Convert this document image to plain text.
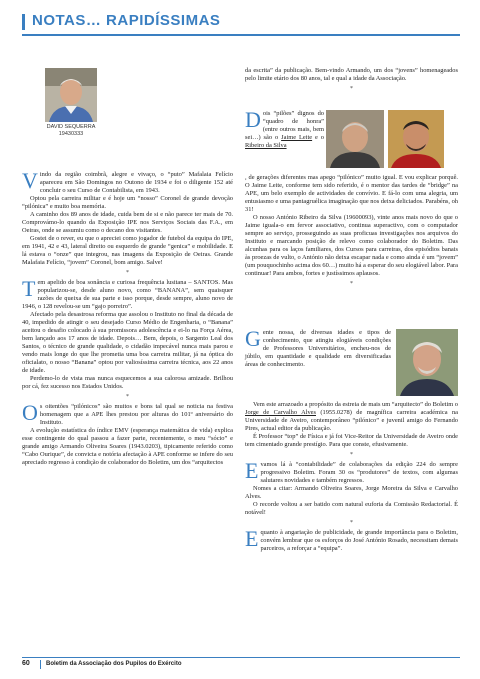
NOTAS… RAPIDÍSSIMAS
DAVID SEQUERRA
19430333

Vindo da região coimbrã, alegre e vivaço, o “puto” Mafalaia Felício apareceu em São Domingos no Outono de 1934 e foi o diligente 152 até concluir o seu Curso de Contabilista, em 1943.

Optou pela carreira militar e é hoje um “nosso” Coronel de grande devoção “pilónica” e muito boa memória.

A caminho dos 89 anos de idade, cuida bem de si e não parece ter mais de 70. Comprovámo-lo quando da Exposição IPE nos Serviços Sociais das F.A., em Oeiras, onde se assumiu como o decano dos visitantes.

Gostei de o rever, eu que o apreciei como jogador de futebol da equipa do IPE, em 1941, 42 e 43, lateral direito ou esquerdo de grande “genica” e mobilidade. E lá estava o “onze” que integrou, nas imagens da Exposição de Oeiras. Grande Malafaia Felício, “jovem” Coronel, bom amigo. Salve!

*

Tem apelido de boa sonância e curiosa frequência lusitana – SANTOS. Mas popularizou-se, desde aluno novo, como “BANANA”, sem quaisquer razões de queixa de sua parte e isso porque, desde sempre, aluno novo de 1946, o 128 revelou-se um “gajo porreiro”.

Afectado pela desastrosa reforma que assolou o Instituto no final da década de 40, impedido de atingir o seu desejado Curso Médio de Engenharia, o “Banana” aceitou o desafio colocado à sua promissora adolescência e ei-lo na Força Aérea, bem lançado aos 17 anos de idade. Depois… Bem, depois, o Sargento Leal dos Santos, o técnico de grande qualidade, o cidadão impecável nunca mais parou e vendo mais longe do que lhe prometia uma boa carreira militar, já na óptica do oficialato, o nosso “Banana” optou por valiosíssima carreira técnica, aos 22 anos de idade.

Perdemo-lo de vista mas nunca esquecemos a sua calorosa amizade. Brilhou por cá, fez sucesso nos Estados Unidos.

*

Os oitentões “pilónicos” são muitos e bons tal qual se noticia na festiva homenagem que a APE lhes prestou por alturas do 101º aniversário do Instituto.

A evolução estatística do índice EMV (esperança matemática de vida) explica esse contingente do qual passou a fazer parte, recentemente, o meu “sócio” e grande amigo Armando Oliveira Soares (1943.0203), tipicamente referido como “Cabo Ourique”, de convicta e notória afectação à APE conforme se infere do seu apreciado regresso à condição de colaborador do Boletim, um dos “arquitectos

da escrita” da publicação. Bem-vindo Armando, um dos “jovens” homenageados pelo limite etário dos 80 anos, tal e qual a idade da Associação.

*

Dois “pilões” dignos do “quadro de honra” (entre outros mais, bem sei…) são o Jaime Leite e o Ribeiro da Silva

, de gerações diferentes mas apego “pilónico” muito igual. E vou explicar porquê. O Jaime Leite, conforme tem sido referido, é o mentor das tardes de “bridge” na APE, um belo exemplo de actividades de convívio. E fá-lo com uma alegria, um entusiasmo e uma pantagruélica imaginação que nos deixa deliciados. Parabéns, oh 31!

O nosso António Ribeiro da Silva (19600093), vinte anos mais novo do que o Jaime iguala-o em fervor associativo, continua superactivo, com o computador sempre ao serviço, prosseguindo as suas proficuas investigações nos arquivos do Instituto e marcando posição de relevo como colaborador do Boletim. Das alcunhas para os laços familiares, dos Cursos para carreiras, dos episódios banais às proezas de vulto, o António não deixa escapar nada e como ainda é um “jovem” (um pouquochinho acima dos 60…) muito há a esperar do seu elogiável labor. Para continuar! Para ambos, fortes e justíssimos aplausos.

*

Gente nossa, de diversas idades e tipos de conhecimento, que atingiu elogiáveis condições de Professores Universitários, encheu-nos de júbilo, em quantidade e qualidade em diversificadas áreas de conhecimento.

Vem este arrazoado a propósito da estreia de mais um “arquitecto” do Boletim o Jorge de Carvalho Alves (1955.0278) de magnífica carreira académica na Universidade de Aveiro, contemporâneo “pilónico” e juvenil amigo do Fernando Pires, actual editor da publicação.

É Professor “top” de Física e já foi Vice-Reitor da Universidade de Aveiro onde tem cimentado grande prestígio. Para que conste, efusivamente.

*

Evamos lá à “contabilidade” de colaborações da edição 224 do sempre progressivo Boletim. Foram 30 os “produtores” de textos, com algumas salutares novidades e também regressos.

Nomes a citar: Armando Oliveira Soares, Jorge Moreira da Silva e Carvalho Alves.

O recorde voltou a ser batido com natural euforia da Comissão Redactorial. É notável!

*

Equanto à angariação de publicidade, de grande importância para o Boletim, convém lembrar que os esforços do José António Rosado, necessitam demais parceiros, a reforçar a “equipa”.

60	Boletim da Associação dos Pupilos do Exército
